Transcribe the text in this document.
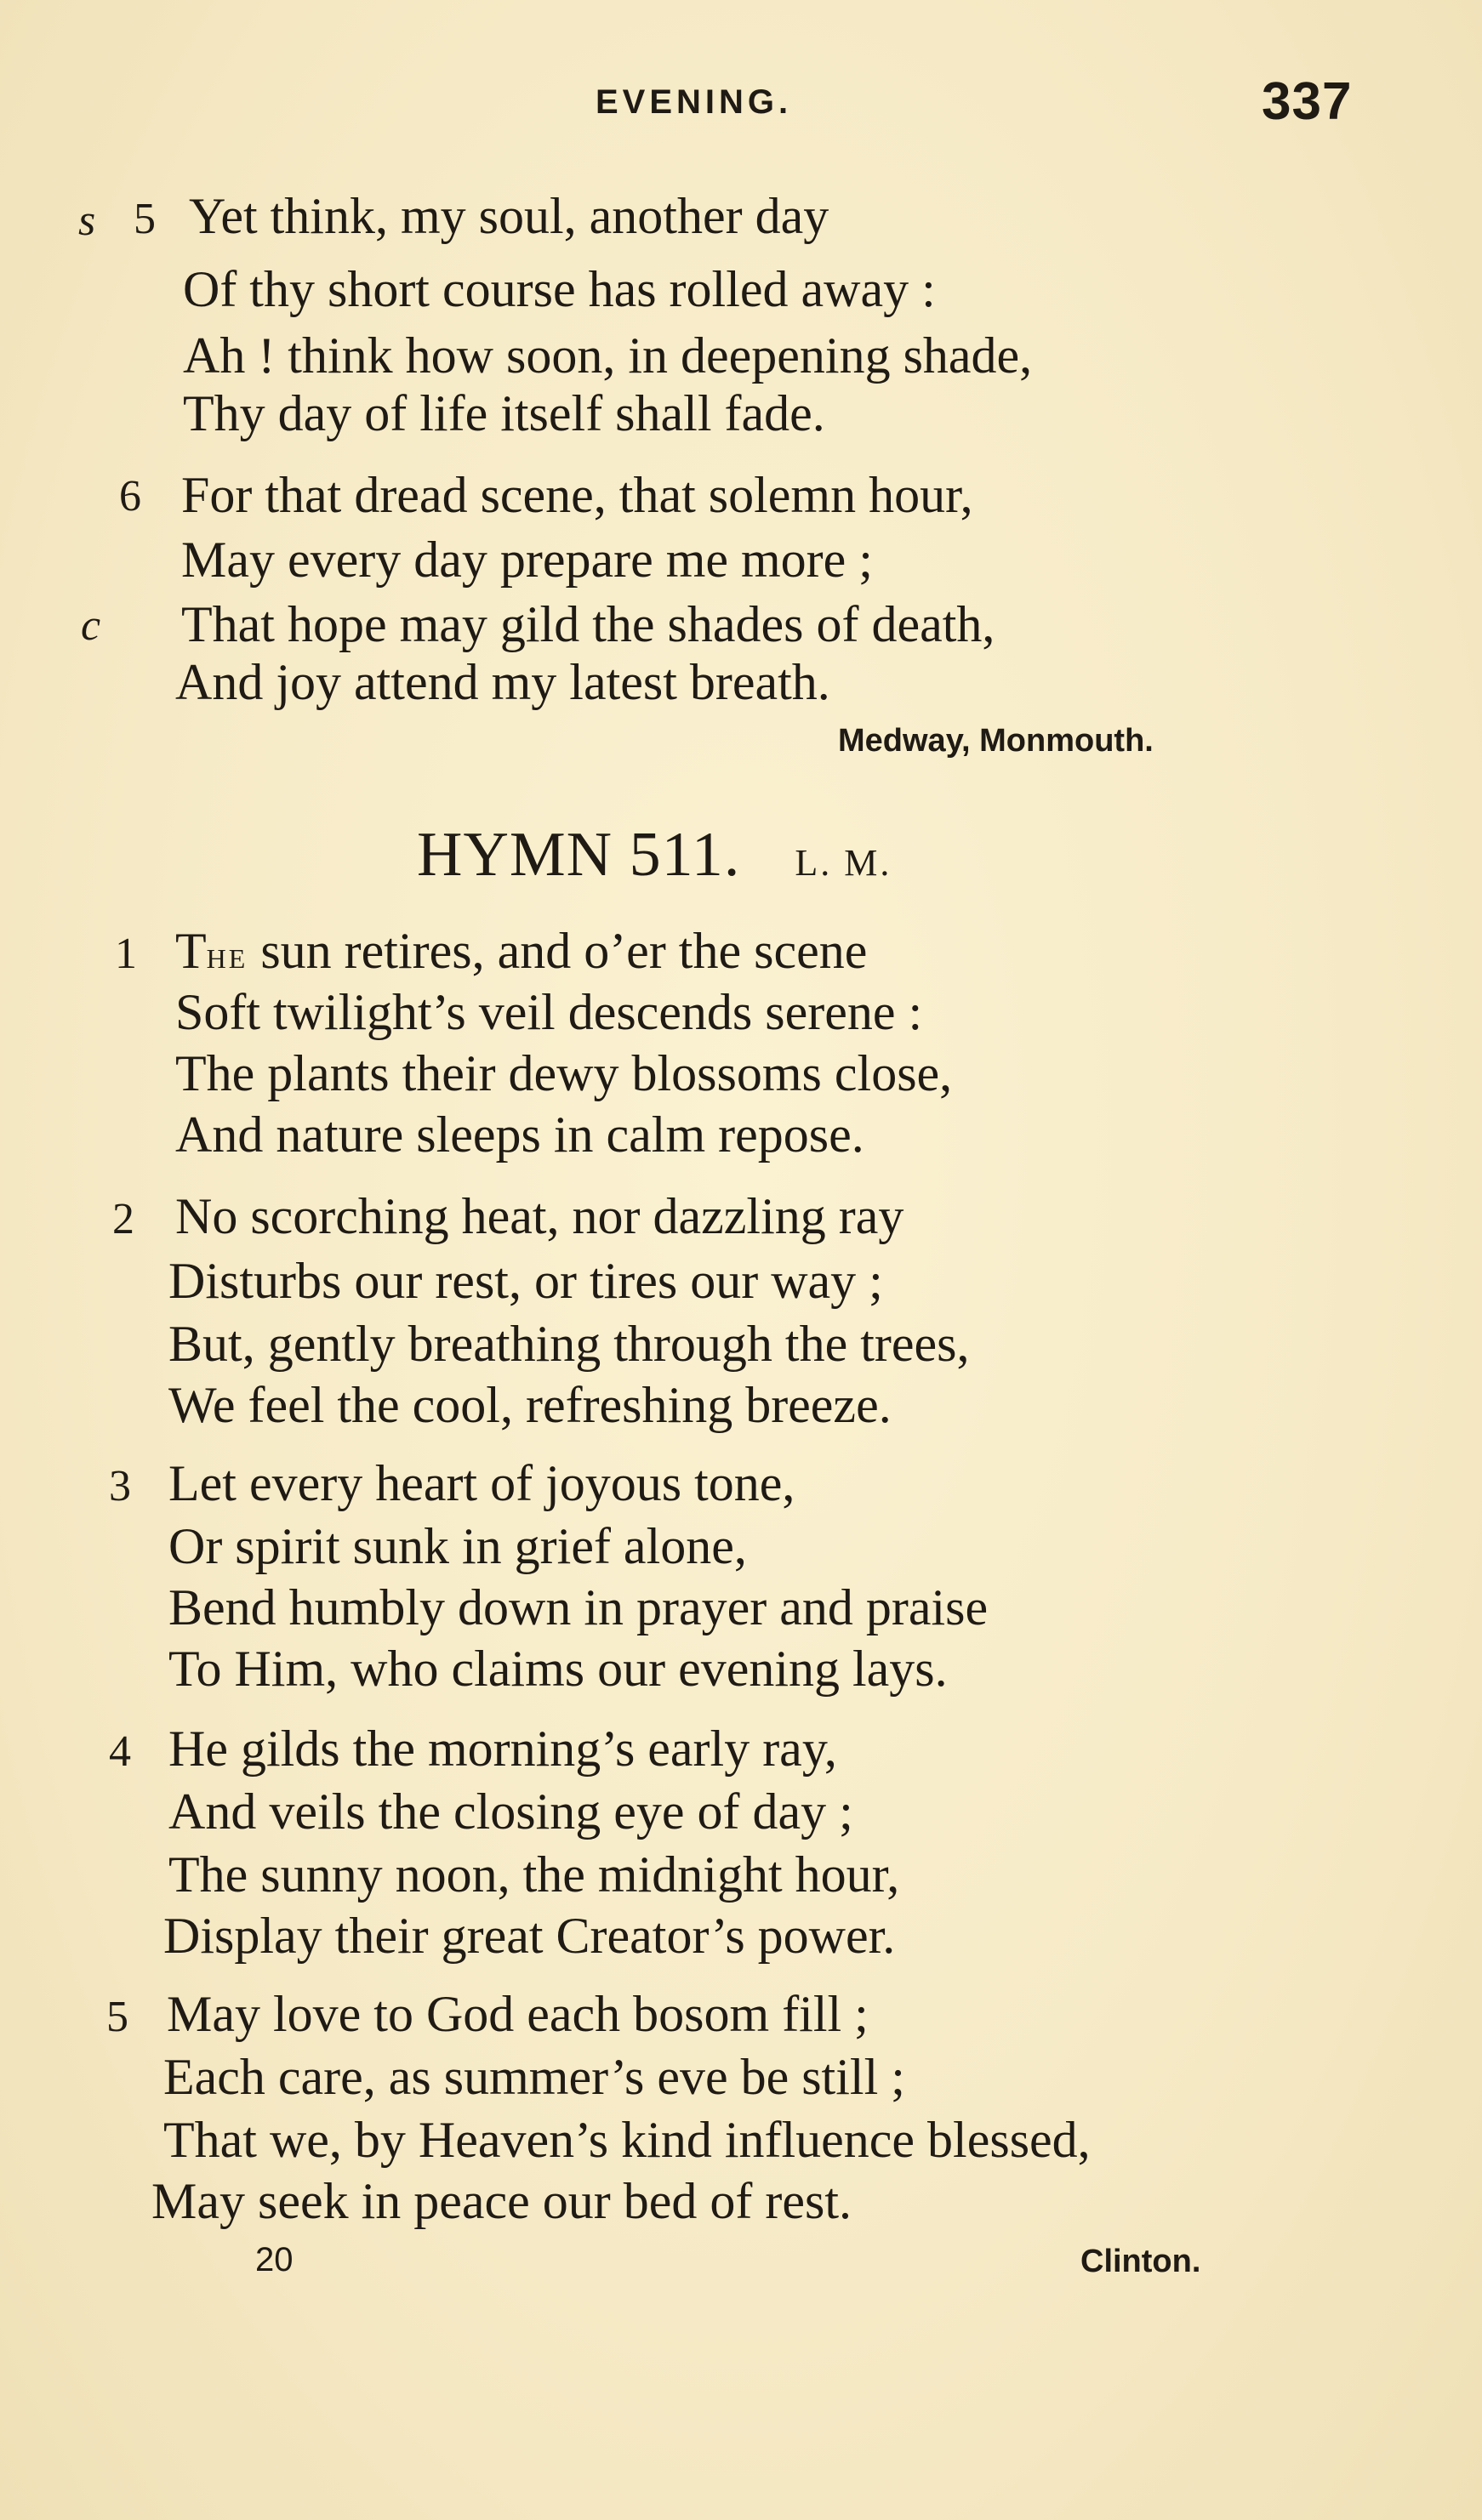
EVENING.	337
s 5 Yet think, my soul, another day
Of thy short course has rolled away :
Ah ! think how soon, in deepening shade,
Thy day of life itself shall fade.
6 For that dread scene, that solemn hour,
May every day prepare me more ;
c That hope may gild the shades of death,
And joy attend my latest breath.
Medway, Monmouth.
HYMN 511. L. M.
1 The sun retires, and o’er the scene
Soft twilight’s veil descends serene :
The plants their dewy blossoms close,
And nature sleeps in calm repose.
2 No scorching heat, nor dazzling ray
Disturbs our rest, or tires our way ;
But, gently breathing through the trees,
We feel the cool, refreshing breeze.
3 Let every heart of joyous tone,
Or spirit sunk in grief alone,
Bend humbly down in prayer and praise
To Him, who claims our evening lays.
4 He gilds the morning’s early ray,
And veils the closing eye of day ;
The sunny noon, the midnight hour,
Display their great Creator’s power.
5 May love to God each bosom fill ;
Each care, as summer’s eve be still ;
That we, by Heaven’s kind influence blessed,
May seek in peace our bed of rest.
20	Clinton.
